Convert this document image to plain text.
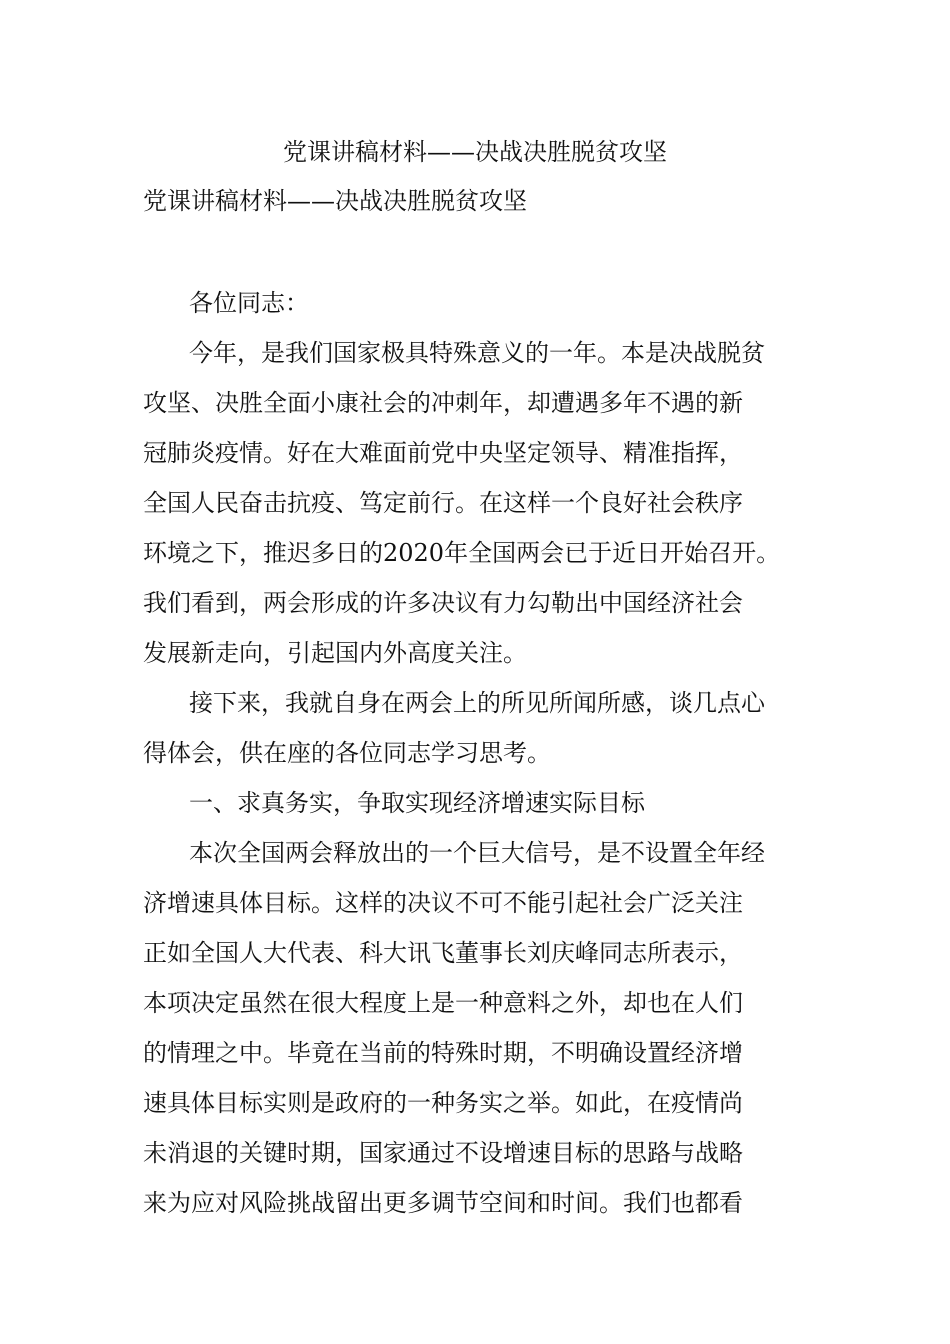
党课讲稿材料——决战决胜脱贫攻坚
党课讲稿材料——决战决胜脱贫攻坚
各位同志：
今年，是我们国家极具特殊意义的一年。本是决战脱贫
攻坚、决胜全面小康社会的冲刺年，却遭遇多年不遇的新
冠肺炎疫情。好在大难面前党中央坚定领导、精准指挥，
全国人民奋击抗疫、笃定前行。在这样一个良好社会秩序
环境之下，推迟多日的2020年全国两会已于近日开始召开。
我们看到，两会形成的许多决议有力勾勒出中国经济社会
发展新走向，引起国内外高度关注。
接下来，我就自身在两会上的所见所闻所感，谈几点心
得体会，供在座的各位同志学习思考。
一、求真务实，争取实现经济增速实际目标
本次全国两会释放出的一个巨大信号，是不设置全年经
济增速具体目标。这样的决议不可不能引起社会广泛关注
正如全国人大代表、科大讯飞董事长刘庆峰同志所表示，
本项决定虽然在很大程度上是一种意料之外，却也在人们
的情理之中。毕竟在当前的特殊时期，不明确设置经济增
速具体目标实则是政府的一种务实之举。如此，在疫情尚
未消退的关键时期，国家通过不设增速目标的思路与战略
来为应对风险挑战留出更多调节空间和时间。我们也都看
